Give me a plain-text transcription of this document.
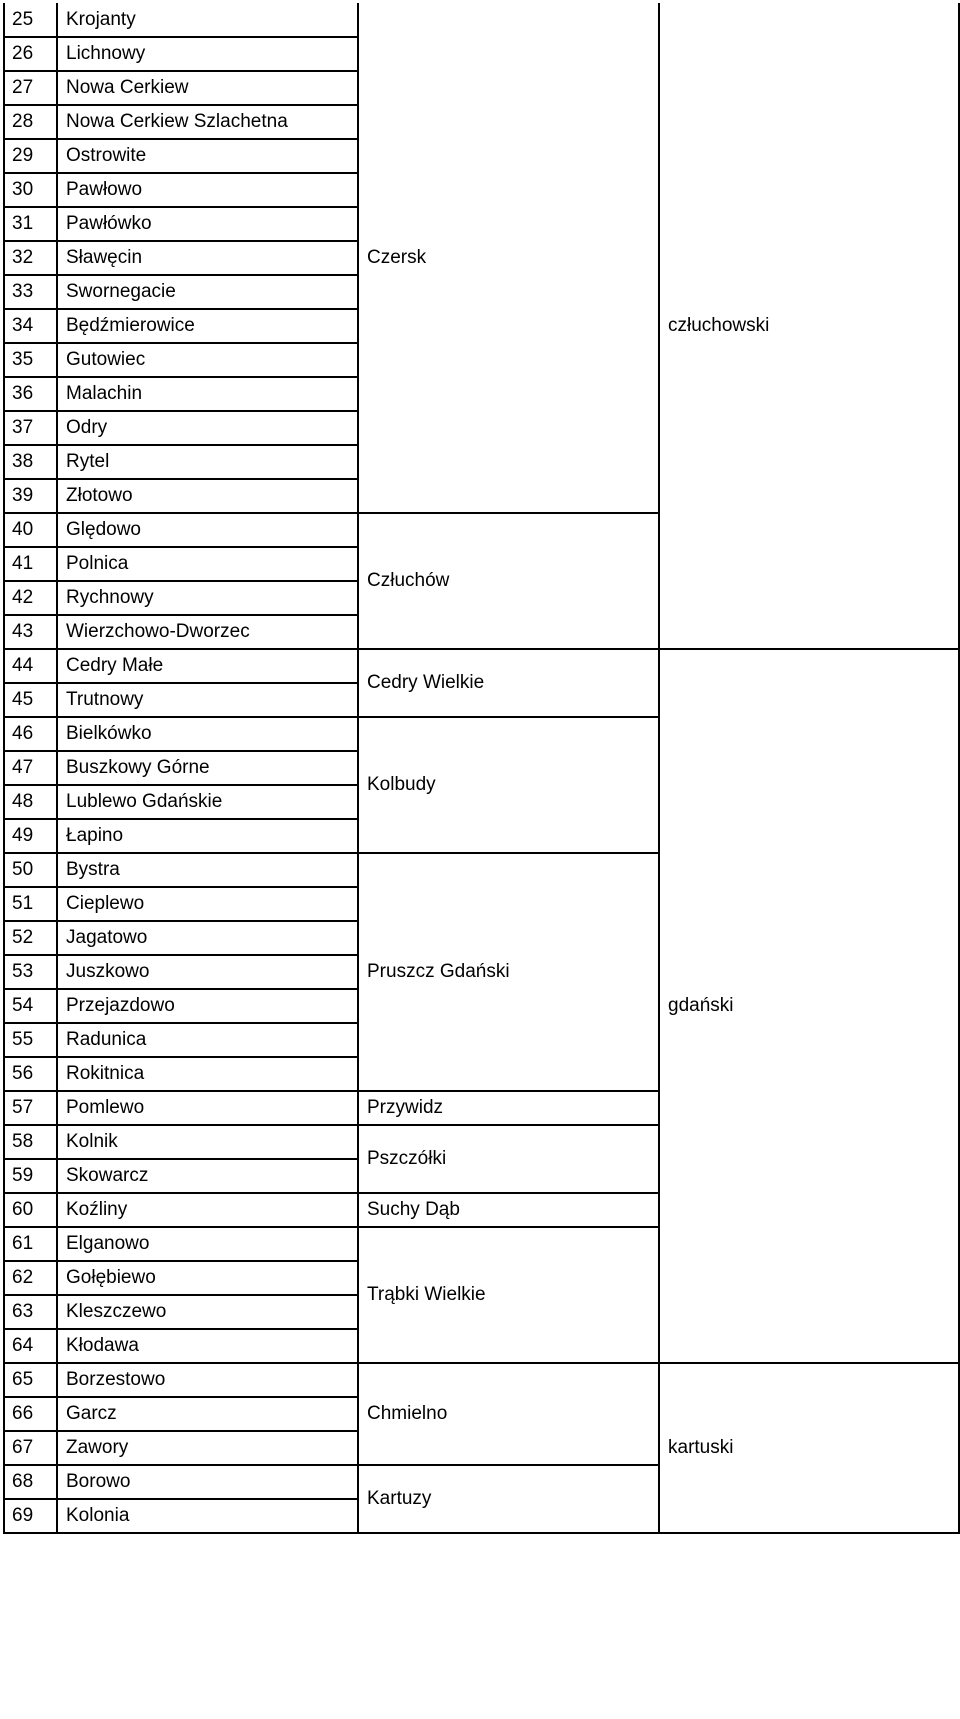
25	Krojanty	Czersk	człuchowski
26	Lichnowy		
27	Nowa Cerkiew		
28	Nowa Cerkiew Szlachetna		
29	Ostrowite		
30	Pawłowo		
31	Pawłówko		
32	Sławęcin		
33	Swornegacie		
34	Będźmierowice		
35	Gutowiec		
36	Malachin		
37	Odry		
38	Rytel		
39	Złotowo		
40	Ględowo	Człuchów	
41	Polnica		
42	Rychnowy		
43	Wierzchowo-Dworzec		
44	Cedry Małe	Cedry Wielkie	gdański
45	Trutnowy		
46	Bielkówko	Kolbudy	
47	Buszkowy Górne		
48	Lublewo Gdańskie		
49	Łapino		
50	Bystra	Pruszcz Gdański	
51	Cieplewo		
52	Jagatowo		
53	Juszkowo		
54	Przejazdowo		
55	Radunica		
56	Rokitnica		
57	Pomlewo	Przywidz	
58	Kolnik	Pszczółki	
59	Skowarcz		
60	Koźliny	Suchy Dąb	
61	Elganowo	Trąbki Wielkie	
62	Gołębiewo		
63	Kleszczewo		
64	Kłodawa		
65	Borzestowo	Chmielno	kartuski
66	Garcz		
67	Zawory		
68	Borowo	Kartuzy	
69	Kolonia		
